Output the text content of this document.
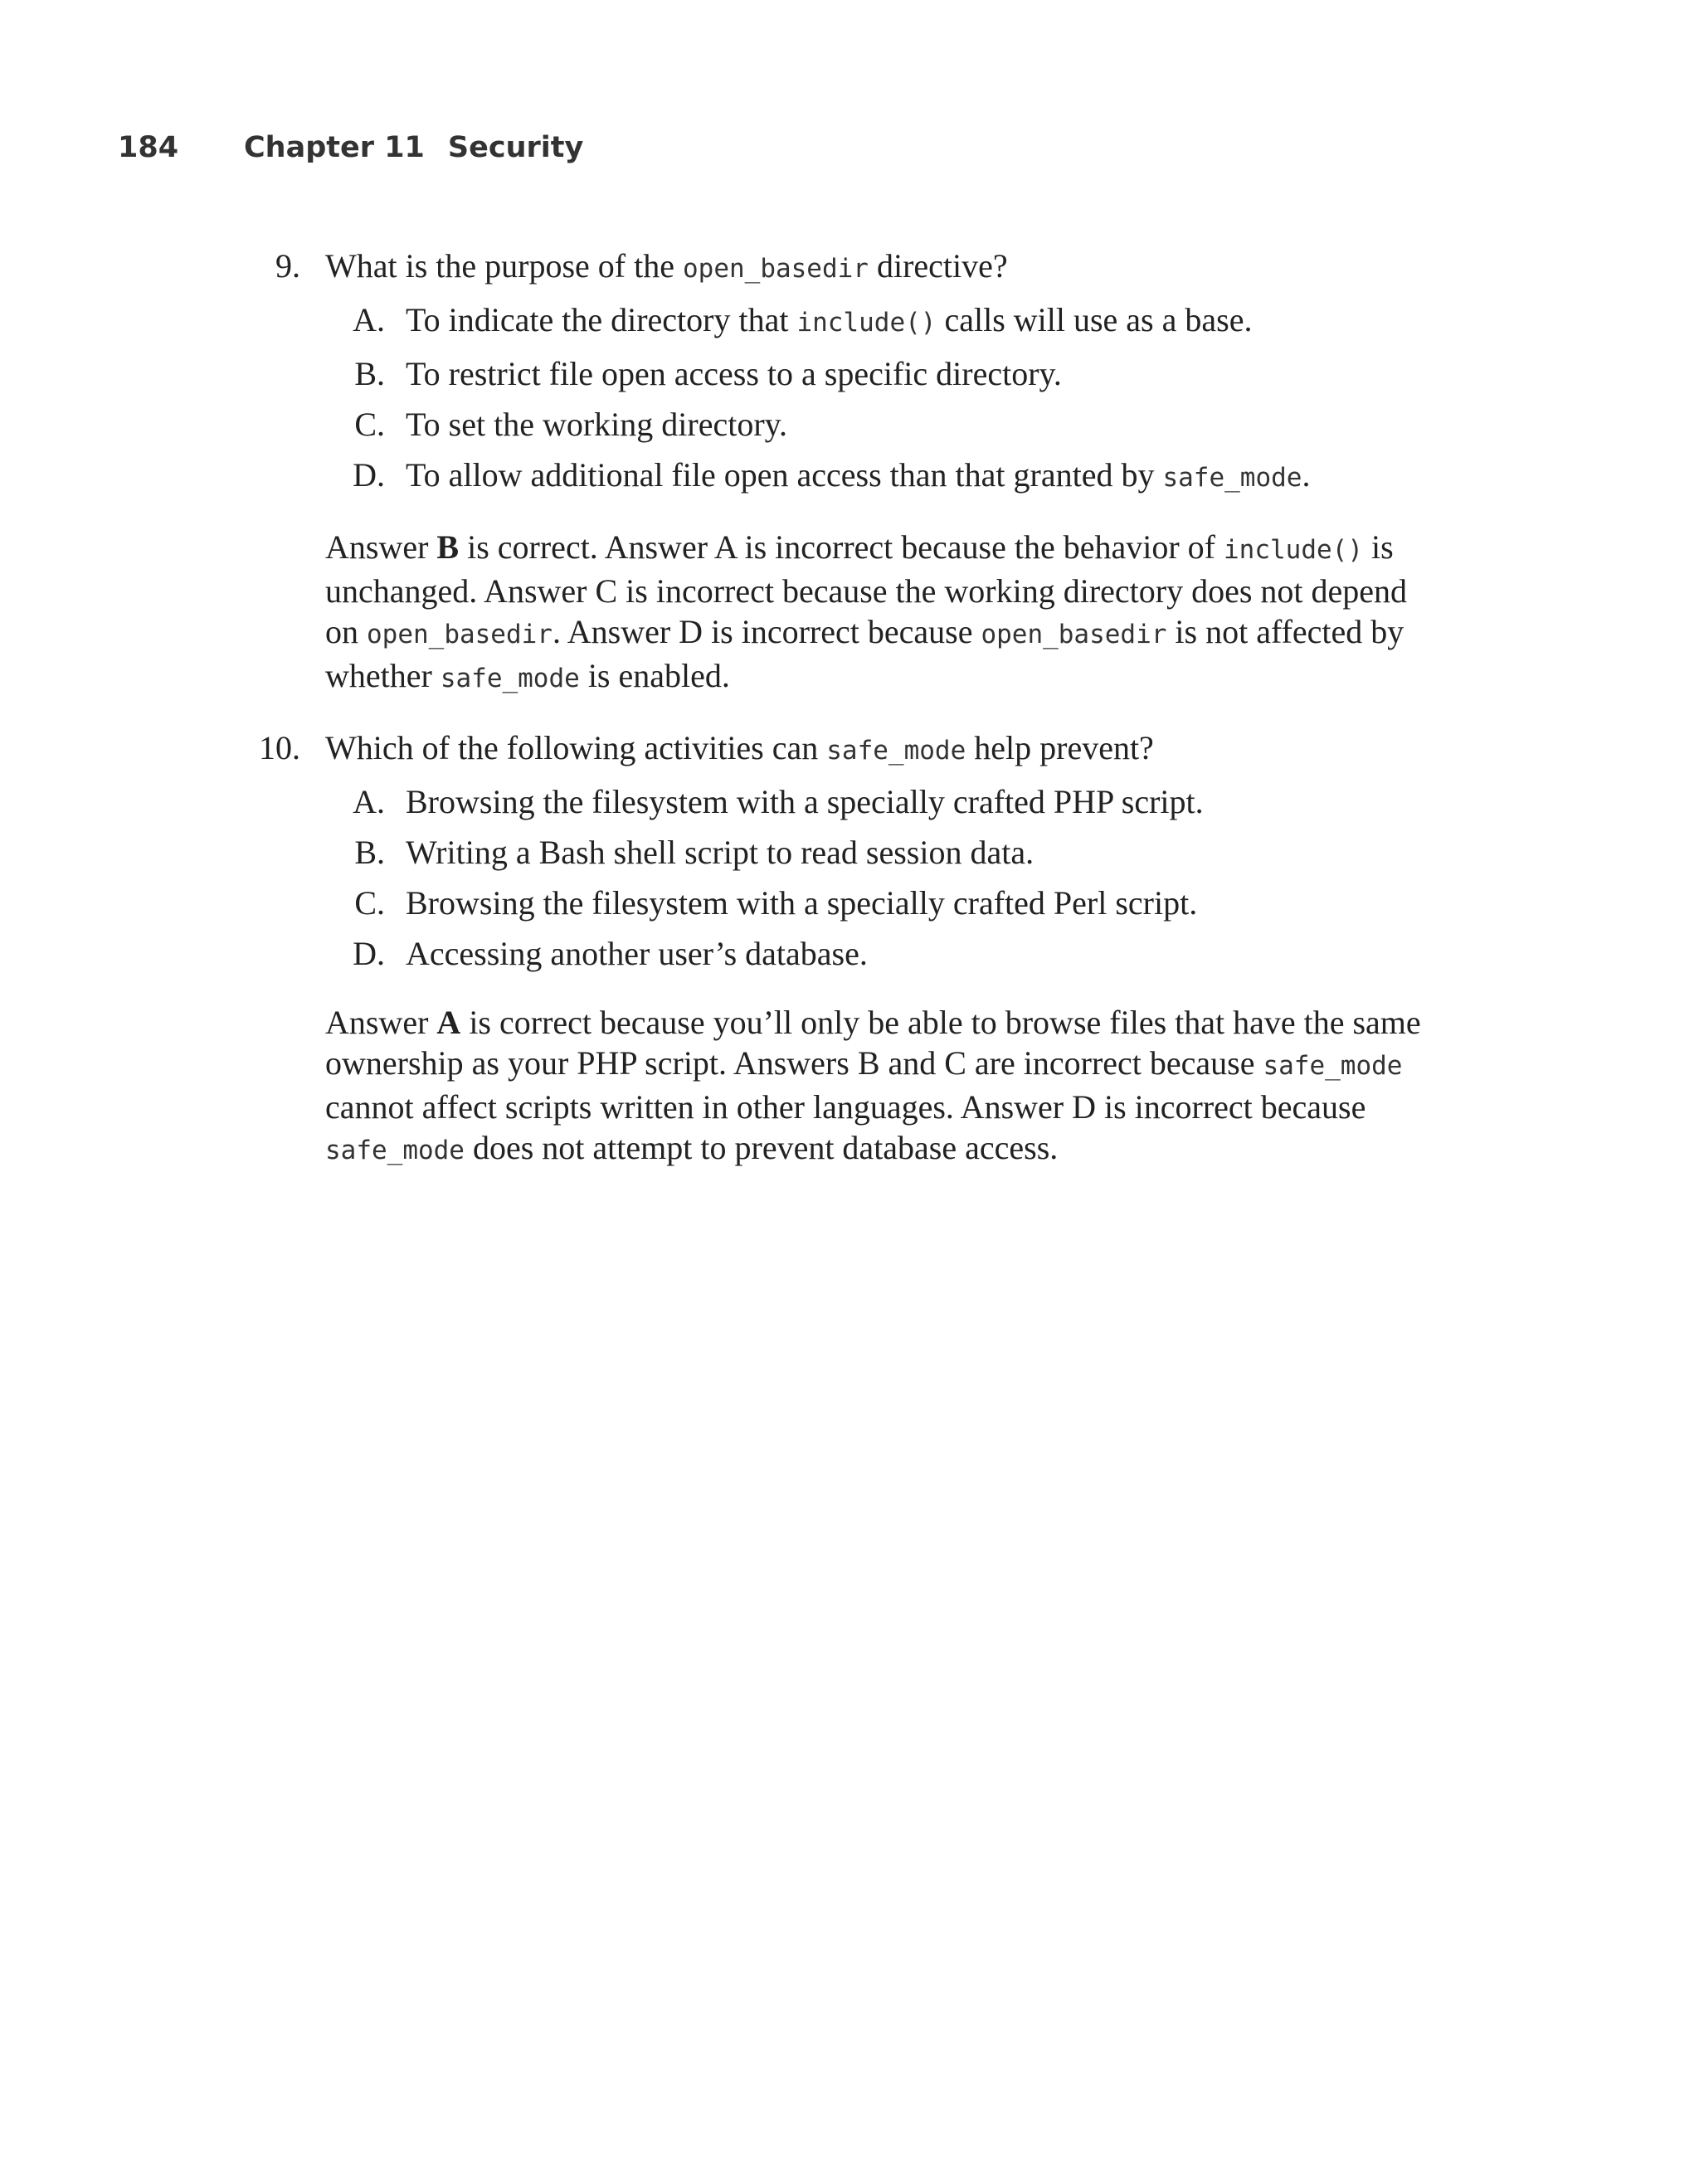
184 Chapter 11 Security

9. What is the purpose of the open_basedir directive?

A. To indicate the directory that include() calls will use as a base.
B. To restrict file open access to a specific directory.
C. To set the working directory.
D. To allow additional file open access than that granted by safe_mode.

Answer B is correct. Answer A is incorrect because the behavior of include() is unchanged. Answer C is incorrect because the working directory does not depend on open_basedir. Answer D is incorrect because open_basedir is not affected by whether safe_mode is enabled.

10. Which of the following activities can safe_mode help prevent?

A. Browsing the filesystem with a specially crafted PHP script.
B. Writing a Bash shell script to read session data.
C. Browsing the filesystem with a specially crafted Perl script.
D. Accessing another user’s database.

Answer A is correct because you’ll only be able to browse files that have the same ownership as your PHP script. Answers B and C are incorrect because safe_mode cannot affect scripts written in other languages. Answer D is incorrect because safe_mode does not attempt to prevent database access.
